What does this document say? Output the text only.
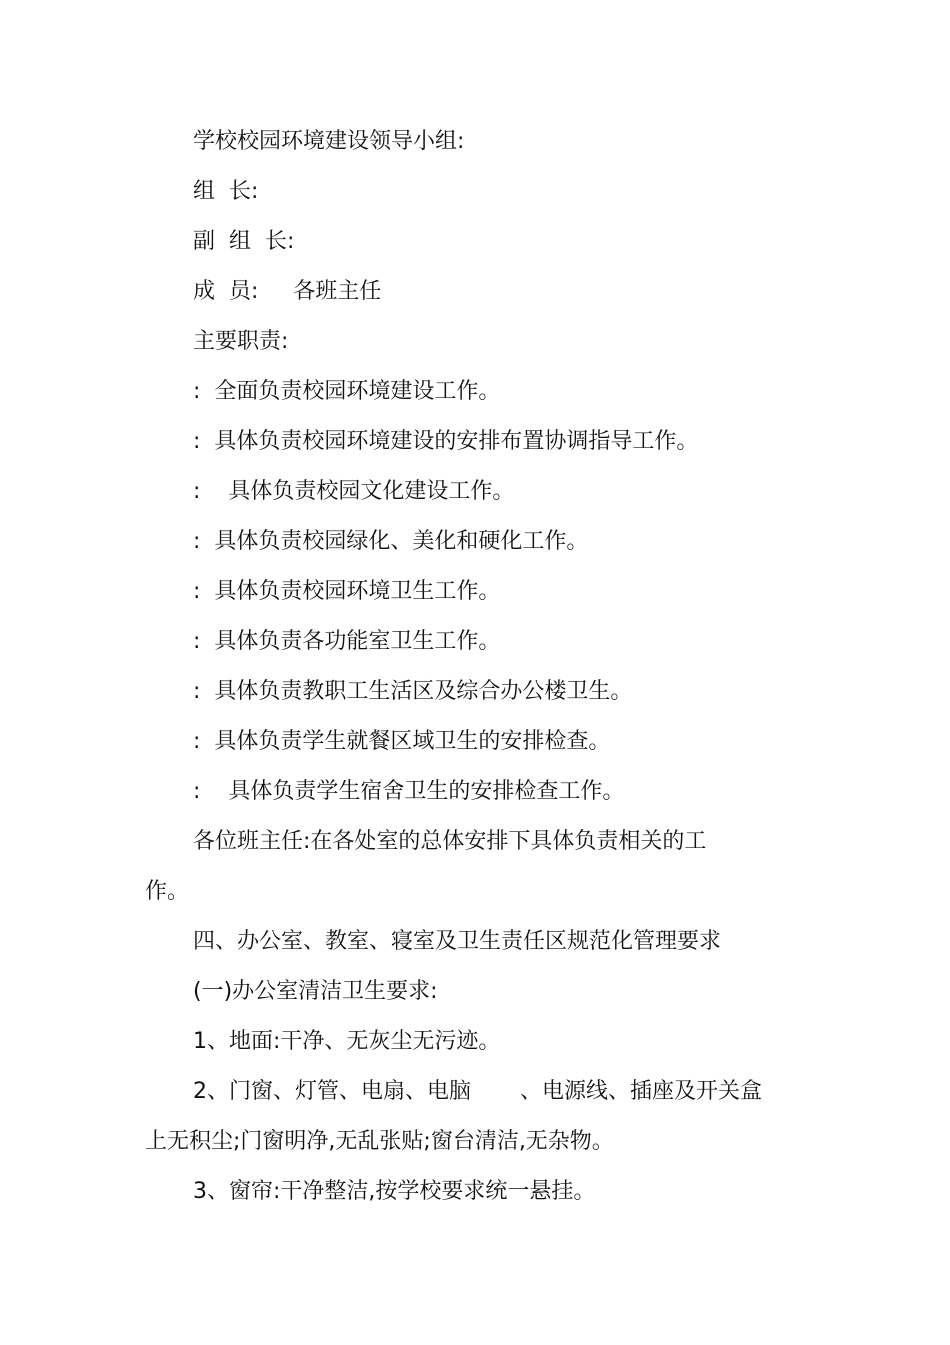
学校校园环境建设领导小组:
组  长:
副  组  长:
成  员:     各班主任
主要职责:
:  全面负责校园环境建设工作。
:  具体负责校园环境建设的安排布置协调指导工作。
:    具体负责校园文化建设工作。
:  具体负责校园绿化、美化和硬化工作。
:  具体负责校园环境卫生工作。
:  具体负责各功能室卫生工作。
:  具体负责教职工生活区及综合办公楼卫生。
:  具体负责学生就餐区域卫生的安排检查。
:    具体负责学生宿舍卫生的安排检查工作。
各位班主任:在各处室的总体安排下具体负责相关的工
作。
四、办公室、教室、寝室及卫生责任区规范化管理要求
(一)办公室清洁卫生要求:
1、地面:干净、无灰尘无污迹。
2、门窗、灯管、电扇、电脑       、电源线、插座及开关盒
上无积尘;门窗明净,无乱张贴;窗台清洁,无杂物。
3、窗帘:干净整洁,按学校要求统一悬挂。
